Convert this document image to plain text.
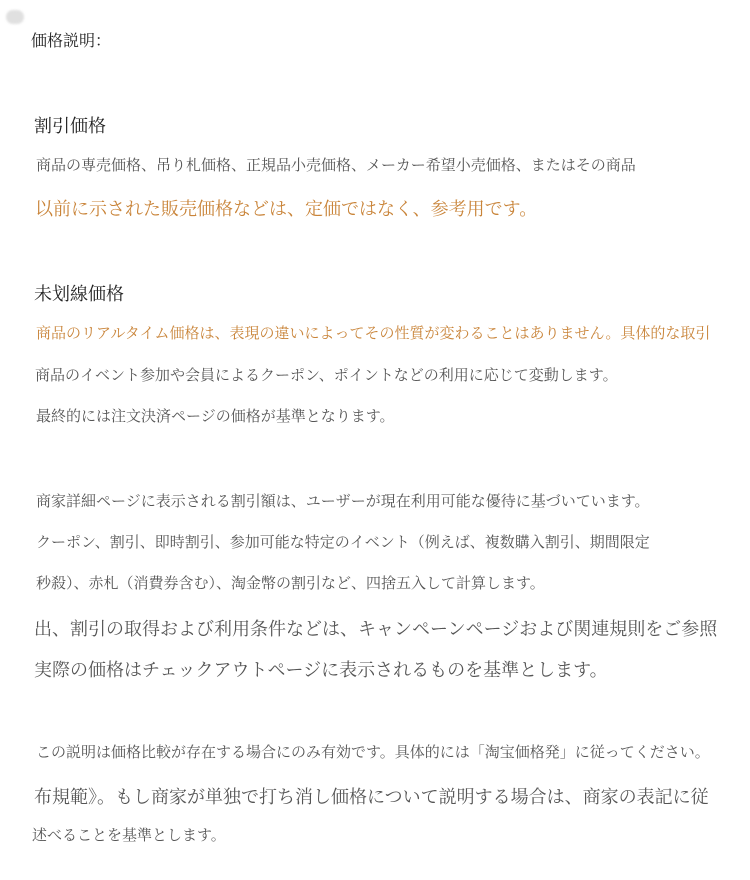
価格説明：

割引価格

商品の専売価格、吊り札価格、正規品小売価格、メーカー希望小売価格、またはその商品

以前に示された販売価格などは、定価ではなく、参考用です。

未划線価格

商品のリアルタイム価格は、表現の違いによってその性質が変わることはありません。具体的な取引

商品のイベント参加や会員によるクーポン、ポイントなどの利用に応じて変動します。

最終的には注文決済ページの価格が基準となります。

商家詳細ページに表示される割引額は、ユーザーが現在利用可能な優待に基づいています。

クーポン、割引、即時割引、参加可能な特定のイベント（例えば、複数購入割引、期間限定

秒殺）、赤札（消費券含む）、淘金幣の割引など、四捨五入して計算します。

出、割引の取得および利用条件などは、キャンペーンページおよび関連規則をご参照

実際の価格はチェックアウトページに表示されるものを基準とします。

この説明は価格比較が存在する場合にのみ有効です。具体的には「淘宝価格発」に従ってください。

布規範》。もし商家が単独で打ち消し価格について説明する場合は、商家の表記に従

述べることを基準とします。
